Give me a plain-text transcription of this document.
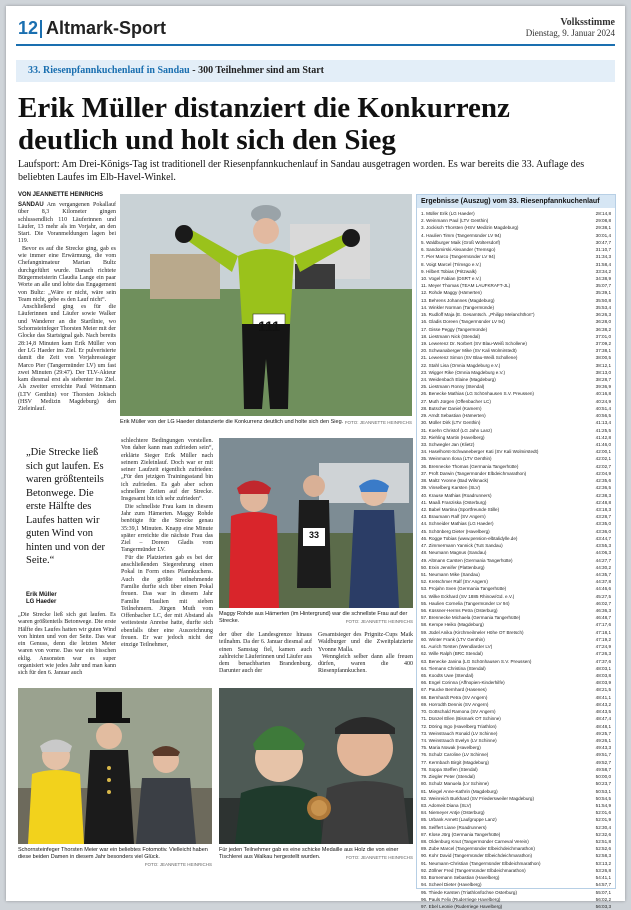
12 Altmark-Sport	Volksstimme
Dienstag, 9. Januar 2024
33. Riesenpfannkuchenlauf in Sandau - 300 Teilnehmer sind am Start
Erik Müller distanziert die Konkurrenz deutlich und holt sich den Sieg
Laufsport: Am Drei-Königs-Tag ist traditionell der Riesenpfannkuchenlauf in Sandau ausgetragen worden. Es war bereits die 33. Auflage des beliebten Laufes im Elb-Havel-Winkel.
VON JEANNETTE HEINRICHS

SANDAU Am vergangenen Pokallauf über 8,3 Kilometer gingen schlussendlich 110 Läuferinnen und Läufer, 13 mehr als im Vorjahr, an den Start. Die Voranmeldungen lagen bei 119.

Bevor es auf die Strecke ging, gab es wie immer eine Erwärmung, die vom Chefangnimateur Marian Bultz durchgeführt wurde. Danach richtete Bürgermeisterin Claudia Lange ein paar Worte an alle und lobte das Engagement von Bultz: „Wäre er nicht, wäre sein Team nicht, gebe es den Lauf nicht“.

Anschließend ging es für die Läuferinnen und Läufer sowie Walker und Wanderer an die Startlinie, wo Schornsteinfeger Thorsten Meier mit der Glocke das Startsignal gab. Nach bereits 28:14,8 Minuten kam Erik Müller von der LG Haeder ins Ziel. Er pulverisierte damit die Zeit von Vorjahressieger Marco Pier (Tangermünder LV) um fast zwei Minuten (29:47). Der TLV-Akteur kam diesmal erst als siebenter ins Ziel. Als zweiter erreichte Paul Weinmann (LTV Genthin) vor Thorsten Jokisch (HSV Medizin Magdeburg) den Zieleinlauf.

111
Erik Müller von der LG Haeder distanzierte die Konkurrenz deutlich und holte sich den Sieg. FOTO: JEANNETTE HEINRICHS
„Die Strecke ließ sich gut laufen. Es waren größtenteils Betonwege. Die erste Hälfte des Laufes hatten wir guten Wind von hinten und von der Seite.“
Erik Müller
LG Haeder

„Die Strecke ließ sich gut laufen. Es waren größtenteils Betonwege. Die erste Hälfte des Laufes hatten wir guten Wind von hinten und von der Seite. Das war ein Genuss, denn die letzten Meter waren von vorne. Das war ein bisschen eklig. Ansonsten war es super organisiert wie jedes Jahr und man kann sich für den 6. Januar auch

schlechtere Bedingungen vorstellen. Von daher kann man zufrieden sein“, erklärte Sieger Erik Müller nach seinem Zieleinlauf. Doch war er mit seiner Laufzeit eigentlich zufrieden: „Für den jetzigen Trainingsstand bin ich zufrieden. Es gab aber schon schnellere Zeiten auf der Strecke. Insgesamt bin ich sehr zufrieden“.

Die schnellste Frau kam in diesem Jahr zum Hämerten. Maggy Rohde benötigte für die Strecke genau 35:39,1 Minuten. Knapp eine Minute später erreichte die nächste Frau das Ziel – Doreen Gladis vom Tangermünder LV.

Für die Platzierten gab es bei der anschließenden Siegerehrung einen Pokal in Form eines Pfannkuchens. Auch die größte teilnehmende Familie durfte sich über einen Pokal freuen. Das war in diesem Jahr Familie Haulien mit sieben Teilnehmern. Jürgen Muth vom Offenbacher LC, der mit Abstand als weitesteste Anreise hatte, durfte sich ebenfalls über eine Auszeichnung freuen. Er war jedoch nicht der einzige Teilnehmer,

33
Maggy Rohde aus Hämerten (im Hintergrund) war die schnellste Frau auf der Strecke.	FOTO: JEANNETTE HEINRICHS

der über die Landesgrenze hinaus teilnahm. Da der 6. Januar diesmal auf einen Samstag fiel, kamen auch zahlreiche Läuferinnen und Läufer aus dem benachbarten Brandenburg. Darunter auch der

Gesamtsieger des Prignitz-Cups Maik Waldburger und die Zweitplatzierte Yvonne Malla.

Wenngleich selber dann alle freuen dürfen, waren die 400 Riesenpfannkuchen.

Schornsteinfeger Thorsten Meier war ein beliebtes Fotomotiv. Vielleicht haben diese beiden Damen in diesem Jahr besonders viel Glück.
FOTO: JEANNETTE HEINRICHS
Für jeden Teilnehmer gab es eine schicke Medaille aus Holz die von einer Tischlerei aus Walkau hergestellt wurden.	FOTO: JEANNETTE HEINRICHS
Ergebnisse (Auszug) vom 33. Riesenpfannkuchenlauf
1. Müller Erik (LG Haeder)	28:14,8
2. Weinmann Paul (LTV Genthin)	29:08,8
3. Jockisch Thorsten (HSV Medizin Magdeburg)	29:38,1
4. Haulien Timm (Tangermünder LV 94)	30:01,4
5. Waldburger Maik (Groß Woltersdorf)	30:47,7
6. Sandomirski Alexander (Tremsgo)	31:10,7
7. Pier Marco (Tangermünder LV 94)	31:34,3
8. Voigt Marcel (Trimsgo e.V.)	31:58,4
9. Hilbert Tobias (Pritzwalk)	33:34,2
10. Vogel Fabian (DSRT e.V.)	34:38,9
11. Meyer Thomas (TEAM LAUFKRAFT-JL)	35:07,7
12. Rohde Maggy (Hämerten)	35:39,1
13. Behrens Johannes (Magdeburg)	35:50,8
14. Winkler Norman (Tangermünde)	35:53,4
15. Rudloff Maja (E. Gesamtsch. „Philipp Melanchthon“)	36:26,3
16. Gladis Doreen (Tangermünder LV 94)	36:28,0
17. Gisse Peggy (Tangermünde)	36:38,2
18. Liestmann Nick (Stendal)	37:01,0
19. Lewerenz Dr. Norbert (SV Blau-Weiß Schollene)	37:09,2
20. Schwanaberger Mike (SV Kali Wolmirstedt)	37:38,1
21. Lewerenz Simon (SV Blau-Weiß Schollene)	38:00,5
22. Stahl Lisa (Omnia Magdeburg e.V.)	38:12,1
23. Wigger Rike (Omnia Magdeburg e.V.)	38:13,0
24. Weidenbach Elaine (Magdeburg)	38:28,7
25. Liestmann Ronny (Stendal)	39:36,9
26. Benecke Mathias (LG Schönhausen S.V. Preussen)	40:16,8
27. Muth Jürgen (Offenbacher LC)	40:24,9
28. Butscher Daniel (Kamern)	40:51,4
29. Arndt Sebastian (Hämerten)	40:56,5
30. Müller Dirk (LTV Genthin)	41:13,4
31. Koehn Christof (LG Jahn Lanz)	41:25,5
32. Riehling Martin (Havelberg)	41:42,8
33. Schwegler Jan (Klietz)	41:46,0
34. Haselhorst-Schwaneberger Kati (SV Kali Wolmirstedt)	42:00,1
35. Weinmann Ilona (LTV Genthin)	42:02,1
36. Brennecke Thomas (Germania Tangerhütte)	42:02,7
37. Proft Darwin (Tangermünder Elbdeichmarathon)	42:04,9
38. Maltz Yvonne (Bad Wilsnack)	42:35,6
39. Vinselberg Karsten (SLV)	42:36,5
40. Krause Mathias (Roadrunners)	42:38,3
41. Maaß Franziska (Osterburg)	42:48,8
42. Babel Martina (Sportfreunde Stille)	43:18,3
43. Braumann Ralf (SV Angern)	43:28,7
44. Schneider Mathias (LG Haeder)	43:35,0
45. Schönberg Dieter (Havelberg)	43:36,0
46. Rogge Tobias (www.pension-elbtalidylle.de)	43:44,7
47. Zimmermann Yannick (TuS Sandau)	43:55,3
48. Neumann Magnus (Sandau)	44:06,3
49. Altmann Carsten (Germania Tangerhütte)	44:27,7
50. Erxin Jennifer (Plattenburg)	44:30,2
51. Neumann Mike (Sandau)	44:35,7
52. Kretschmer Ralf (SV Angern)	44:37,8
53. Projahn Sven (Germania Tangerhütte)	44:46,6
54. Wilke Eckhard (SV 1885 Rhinow/Gd. e.V.)	45:27,5
55. Haulien Cornelia (Tangermünder LV 94)	46:02,7
56. Küssner-Herms Petra (Osterburg)	46:36,3
57. Brennecke Michaela (Germania Tangerhütte)	46:48,7
58. Kempe Heiko (Magdeburg)	47:17,6
59. Jüdel Anika (Kirchmeilmeler Höhe OT Bretsch)	47:18,1
60. Winter Frank (LTV Genthin)	47:19,2
61. Aurich Torsten (Wendlarder LV)	47:24,9
62. Wille Ralph (BRC Stendal)	47:26,3
63. Benecke Janina (LG Schönhausen S.V. Preussen)	47:37,6
64. Tiemann Christina (Stendal)	48:03,1
65. Koodts Uwe (Stendal)	48:03,8
66. Engel Corinna (Affnopien-Kinderhilfe)	48:03,9
67. Paucke Bernhard (Hasenes)	48:21,5
68. Bernhardt Petra (SV Angern)	48:41,1
69. Horrodth Dennis (SV Angern)	48:43,2
70. Gottschald Ramona (SV Angern)	48:43,5
71. Dünzel Ellen (Bismark OT Schinne)	48:47,4
72. Döring Ingo (Havelberg Triathlon)	48:48,1
73. Weinstrauch Ronald (LV Schinne)	49:25,7
74. Weinstrauch Evelyn (LV Schinne)	49:26,1
75. Maria Nowak (Havelberg)	49:43,3
76. Schulz Caroline (LV Schinne)	49:51,7
77. Kermbach Birgit (Magdeburg)	49:52,7
78. Soppa Steffen (Stendal)	49:58,7
79. Ziegler Peter (Stendal)	50:00,0
80. Schulz Manuela (LV Schinne)	50:23,7
81. Miegel Anne-Kathrin (Magdeburg)	50:53,1
82. Weinreich Burkhard (SV Friedersweiler Magdeburg)	50:54,5
83. Adomeit Diana (SLV)	51:54,9
84. Niemeyer Antje (Osterburg)	52:01,6
85. Urbank Annett (Laufgruppe Lanz)	52:01,9
86. Seiffert Liane (Roadrunners)	52:30,4
87. Klose Jörg (Germania Tangerhütte)	52:32,6
88. Oldenburg Knut (Tangermünder Carneval Verein)	52:51,8
89. Zube Marcel (Tangermünder Elbeichdeichmarathon)	52:52,6
90. Kohr David (Tangermünder Elbeichdeichmarathon)	52:58,3
91. Neumann-Christian (Tangermünder Elbdeichmarathon)	53:13,2
92. Zöllner Fred (Tangermünder Elbdeichmarathon)	53:26,8
93. Bornemann Sebastian (Havelberg)	54:41,1
94. Scheel Dieter (Havelberg)	54:57,7
95. Thiede Karsten (Triathlonfüchse Osterburg)	55:07,1
96. Pauls Felix (Ruderriege Havelberg)	56:02,2
97. Ebel Leonie (Ruderriege Havelberg)	56:03,3
